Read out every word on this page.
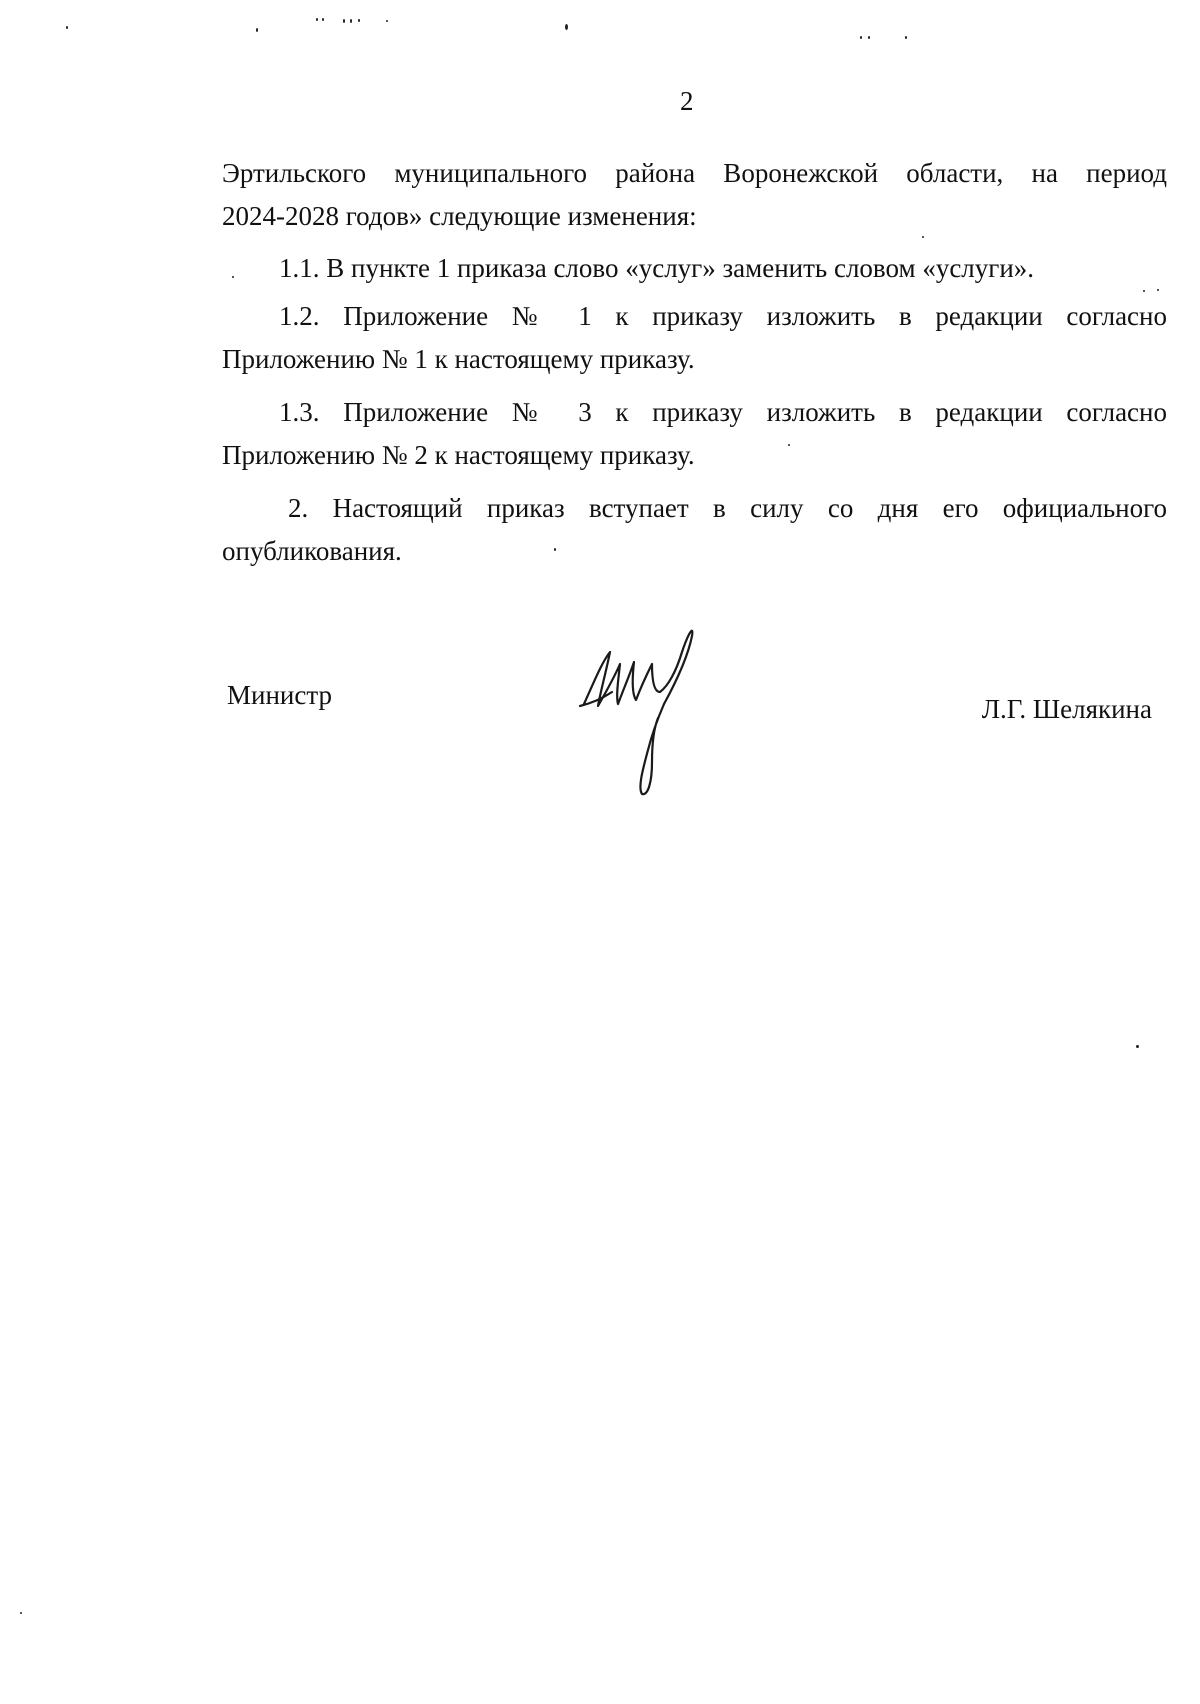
2
Эртильского муниципального района Воронежской области, на период
2024-2028 годов» следующие изменения:
1.1. В пункте 1 приказа слово «услуг» заменить словом «услуги».
1.2. Приложение № 1 к приказу изложить в редакции согласно
Приложению № 1 к настоящему приказу.
1.3. Приложение № 3 к приказу изложить в редакции согласно
Приложению № 2 к настоящему приказу.
2. Настоящий приказ вступает в силу со дня его официального
опубликования.
Министр	Л.Г. Шелякина
